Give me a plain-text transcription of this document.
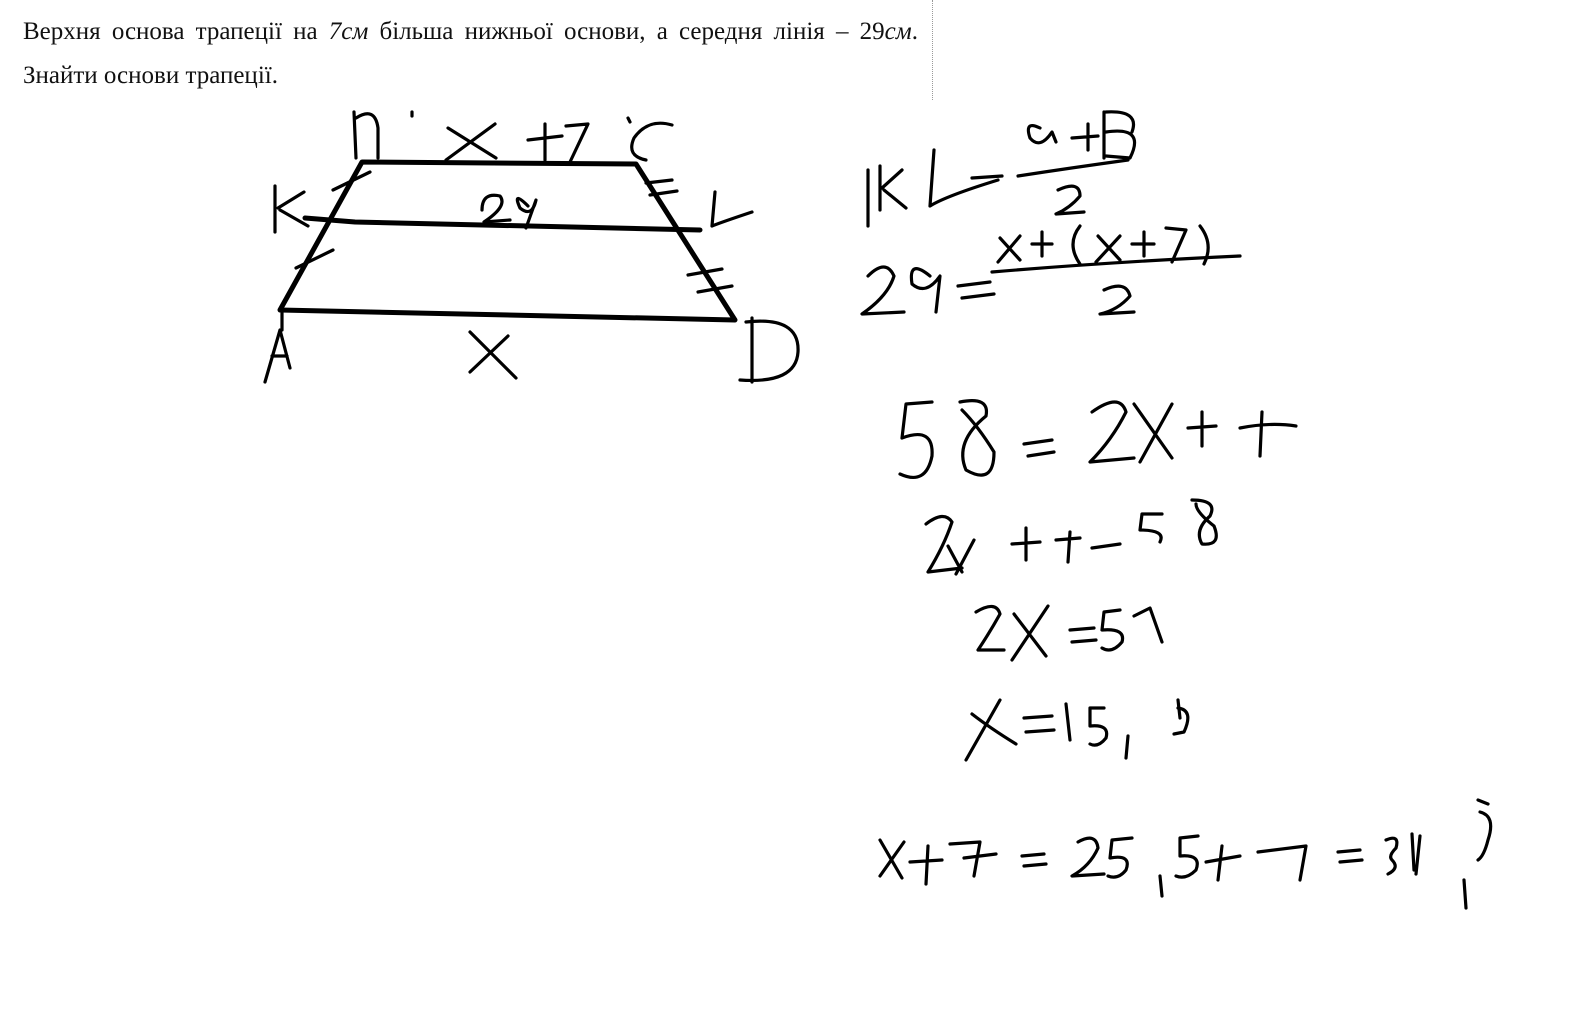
Верхня основа трапеції на 7см більша нижньої основи, а середня лінія – 29см. Знайти основи трапеції.
